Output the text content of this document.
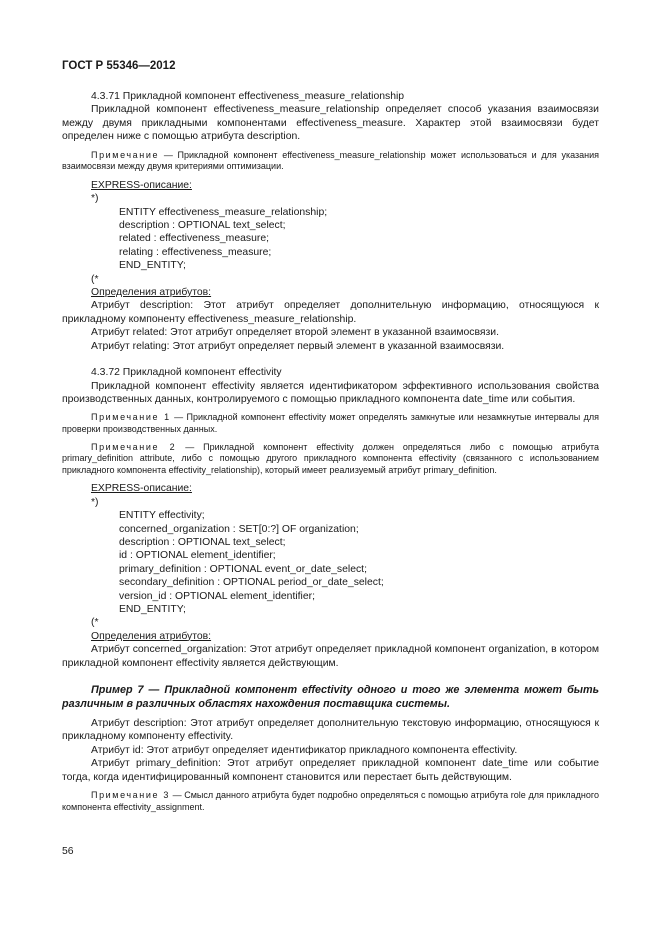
ГОСТ Р 55346—2012

4.3.71 Прикладной компонент effectiveness_measure_relationship

Прикладной компонент effectiveness_measure_relationship определяет способ указания взаимосвязи между двумя прикладными компонентами effectiveness_measure. Характер этой взаимосвязи будет определен ниже с помощью атрибута description.

Примечание — Прикладной компонент effectiveness_measure_relationship может использоваться и для указания взаимосвязи между двумя критериями оптимизации.

EXPRESS-описание:

*)

ENTITY effectiveness_measure_relationship;

description : OPTIONAL text_select;

related : effectiveness_measure;

relating : effectiveness_measure;

END_ENTITY;

(*

Определения атрибутов:

Атрибут description: Этот атрибут определяет дополнительную информацию, относящуюся к прикладному компоненту effectiveness_measure_relationship.

Атрибут related: Этот атрибут определяет второй элемент в указанной взаимосвязи.

Атрибут relating: Этот атрибут определяет первый элемент в указанной взаимосвязи.

4.3.72 Прикладной компонент effectivity

Прикладной компонент effectivity является идентификатором эффективного использования свойства производственных данных, контролируемого с помощью прикладного компонента date_time или события.

Примечание 1 — Прикладной компонент effectivity может определять замкнутые или незамкнутые интервалы для проверки производственных данных.

Примечание 2 — Прикладной компонент effectivity должен определяться либо с помощью атрибута primary_definition attribute, либо с помощью другого прикладного компонента effectivity (связанного с использованием прикладного компонента effectivity_relationship), который имеет реализуемый атрибут primary_definition.

EXPRESS-описание:

*)

ENTITY effectivity;

concerned_organization : SET[0:?] OF organization;

description : OPTIONAL text_select;

id : OPTIONAL element_identifier;

primary_definition : OPTIONAL event_or_date_select;

secondary_definition : OPTIONAL period_or_date_select;

version_id : OPTIONAL element_identifier;

END_ENTITY;

(*

Определения атрибутов:

Атрибут concerned_organization: Этот атрибут определяет прикладной компонент organization, в котором прикладной компонент effectivity является действующим.

Пример 7 — Прикладной компонент effectivity одного и того же элемента может быть различным в различных областях нахождения поставщика системы.

Атрибут description: Этот атрибут определяет дополнительную текстовую информацию, относящуюся к прикладному компоненту effectivity.

Атрибут id: Этот атрибут определяет идентификатор прикладного компонента effectivity.

Атрибут primary_definition: Этот атрибут определяет прикладной компонент date_time или событие тогда, когда идентифицированный компонент становится или перестает быть действующим.

Примечание 3 — Смысл данного атрибута будет подробно определяться с помощью атрибута role для прикладного компонента effectivity_assignment.

56
